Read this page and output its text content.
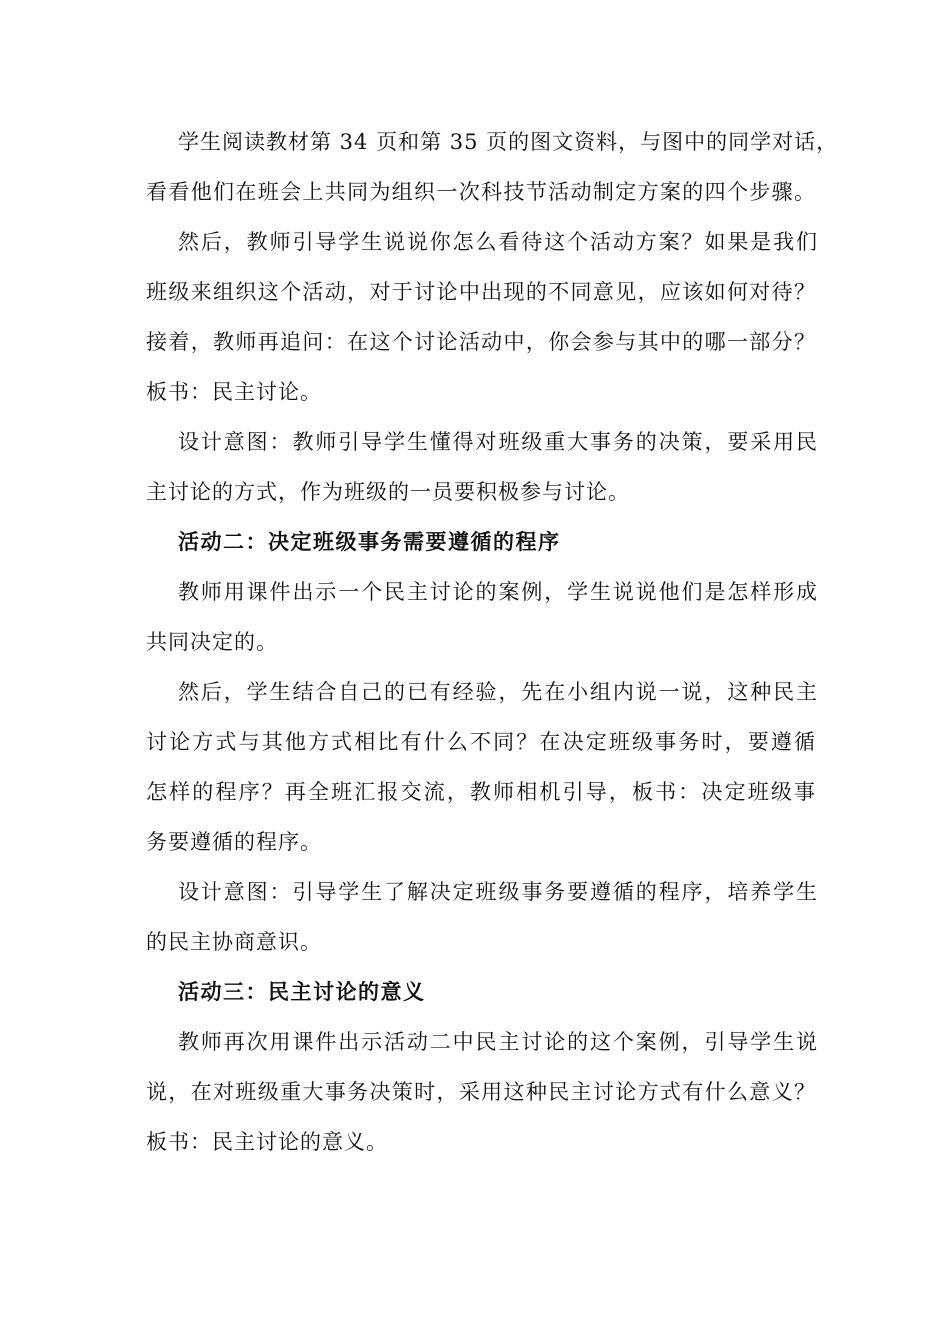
学生阅读教材第 34 页和第 35 页的图文资料，与图中的同学对话，
看看他们在班会上共同为组织一次科技节活动制定方案的四个步骤。
然后，教师引导学生说说你怎么看待这个活动方案？如果是我们
班级来组织这个活动，对于讨论中出现的不同意见，应该如何对待？
接着，教师再追问：在这个讨论活动中，你会参与其中的哪一部分？
板书：民主讨论。
设计意图：教师引导学生懂得对班级重大事务的决策，要采用民
主讨论的方式，作为班级的一员要积极参与讨论。
活动二：决定班级事务需要遵循的程序
教师用课件出示一个民主讨论的案例，学生说说他们是怎样形成
共同决定的。
然后，学生结合自己的已有经验，先在小组内说一说，这种民主
讨论方式与其他方式相比有什么不同？在决定班级事务时，要遵循
怎样的程序？再全班汇报交流，教师相机引导，板书：决定班级事
务要遵循的程序。
设计意图：引导学生了解决定班级事务要遵循的程序，培养学生
的民主协商意识。
活动三：民主讨论的意义
教师再次用课件出示活动二中民主讨论的这个案例，引导学生说
说，在对班级重大事务决策时，采用这种民主讨论方式有什么意义？
板书：民主讨论的意义。
